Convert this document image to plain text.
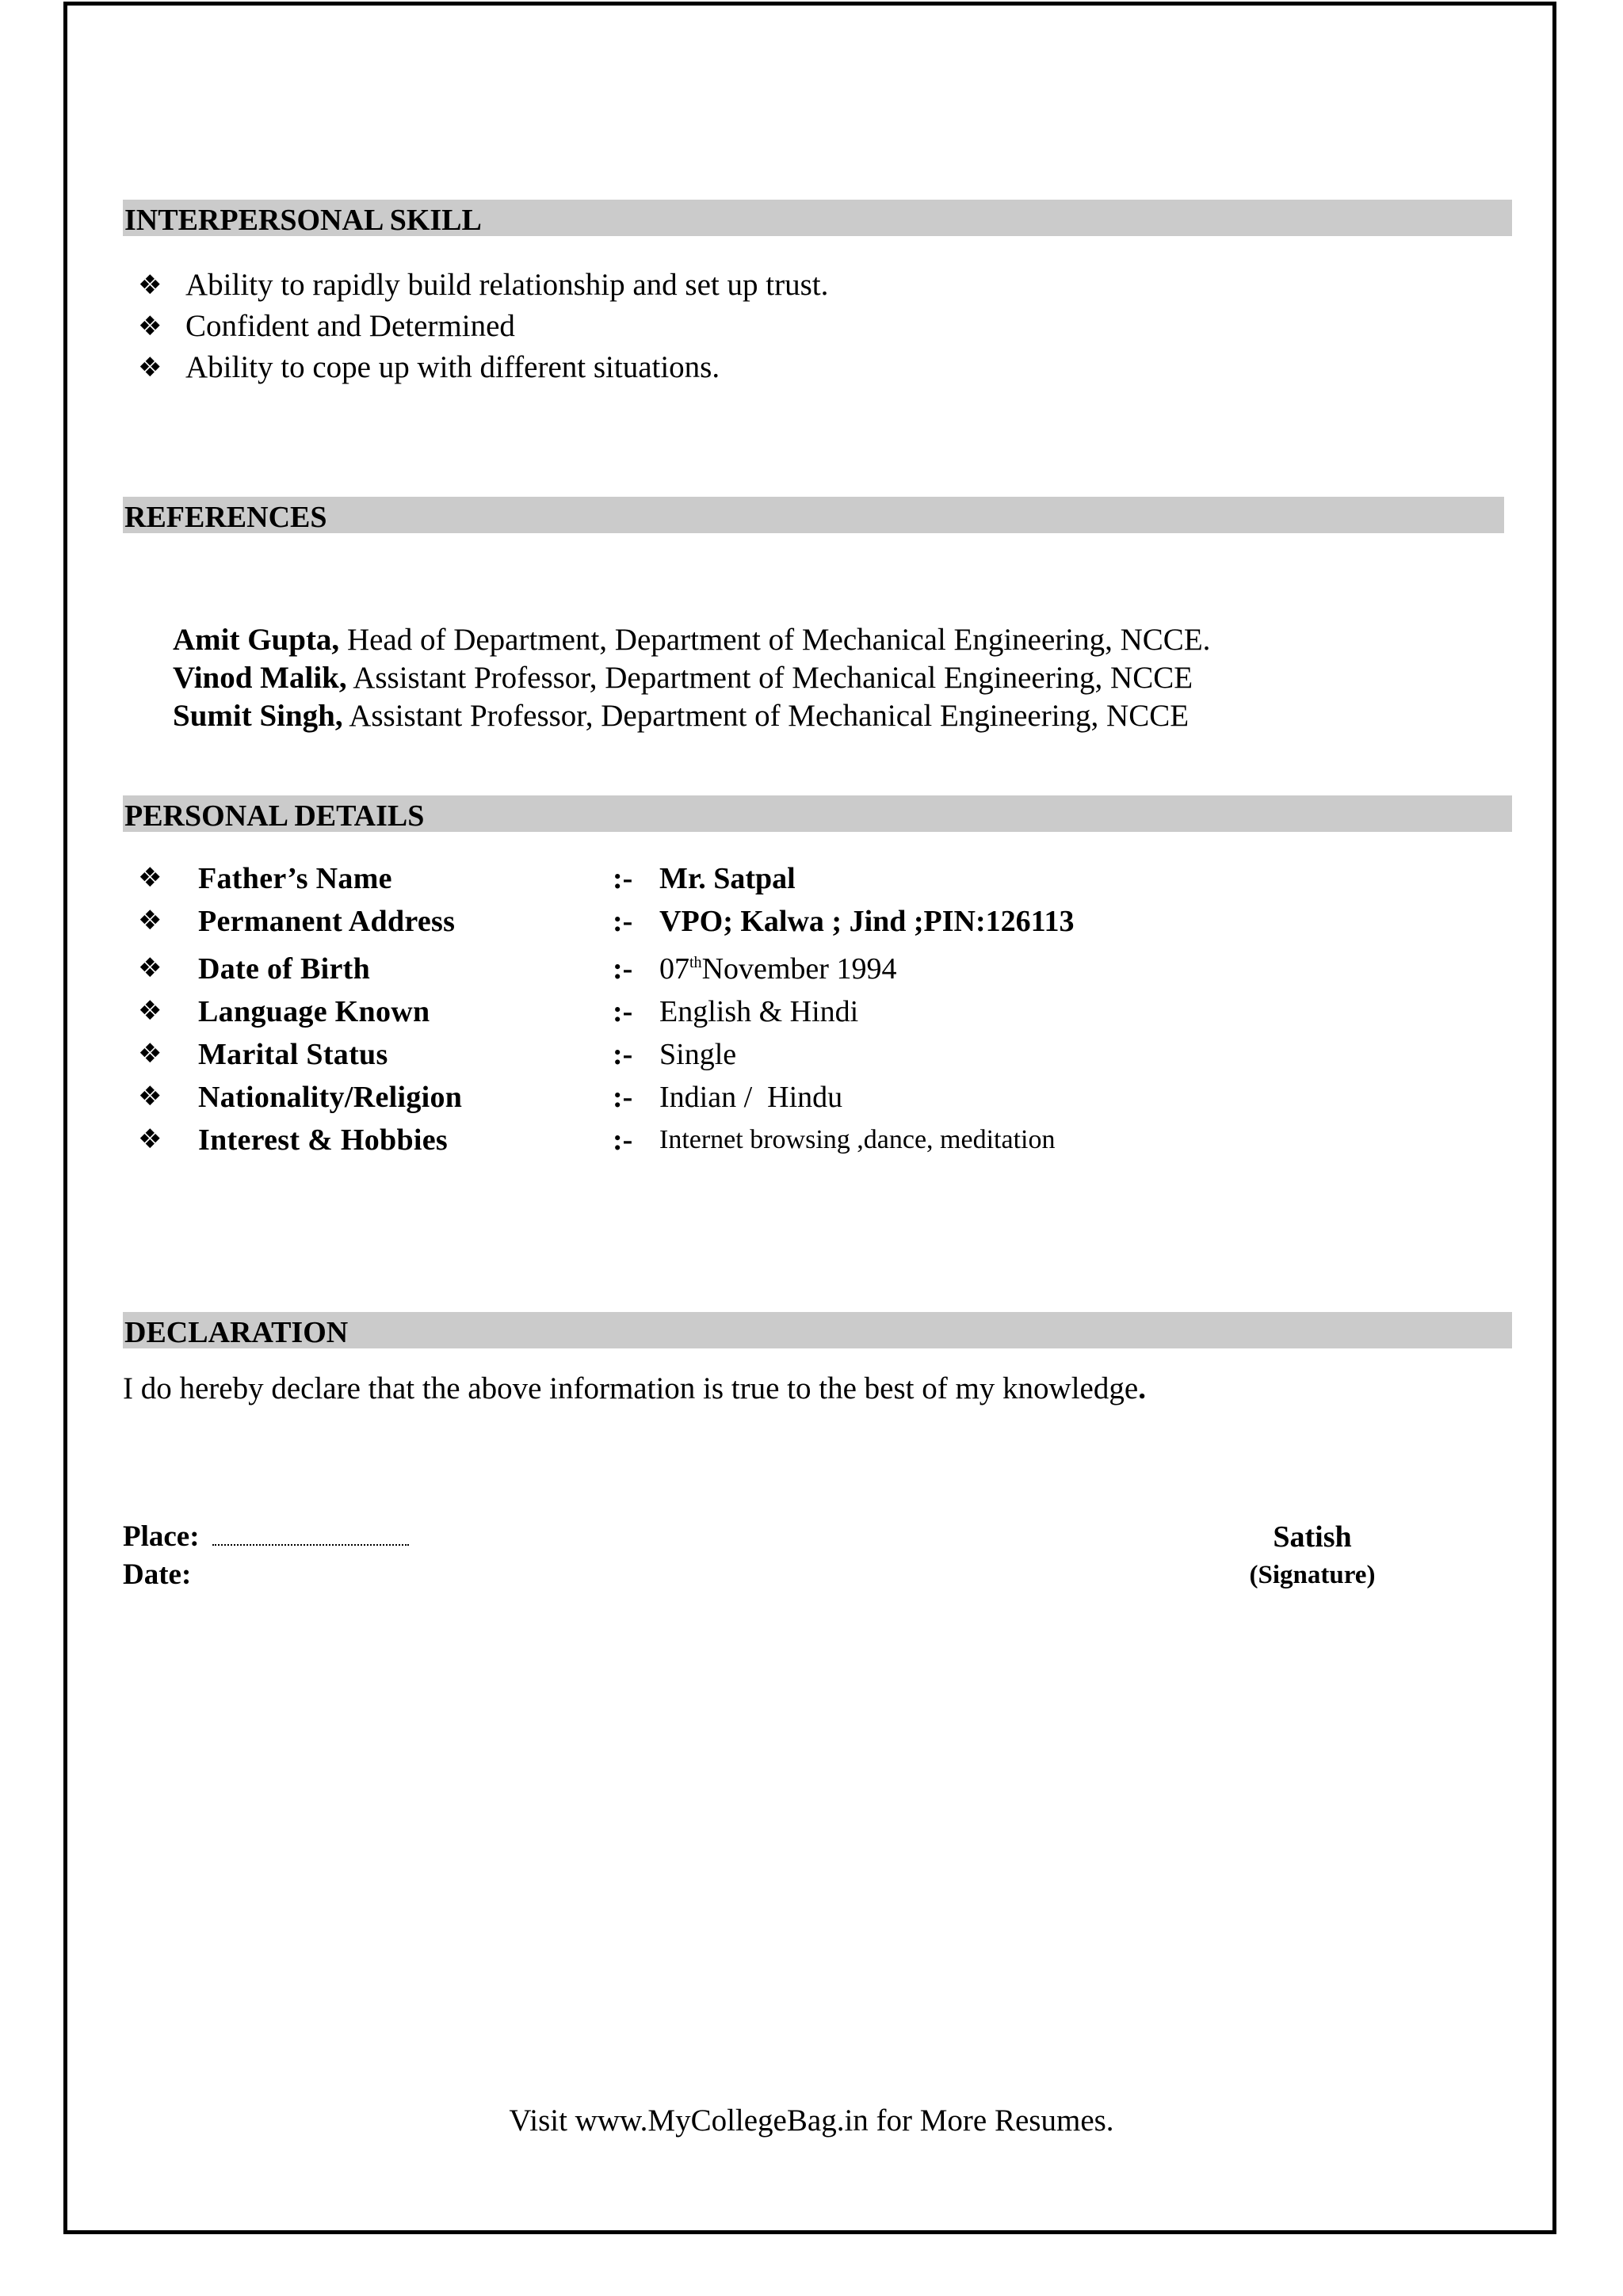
INTERPERSONAL SKILL
❖ Ability to rapidly build relationship and set up trust.
❖ Confident and Determined
❖ Ability to cope up with different situations.
REFERENCES
Amit Gupta, Head of Department, Department of Mechanical Engineering, NCCE.
Vinod Malik, Assistant Professor, Department of Mechanical Engineering, NCCE
Sumit Singh, Assistant Professor, Department of Mechanical Engineering, NCCE
PERSONAL DETAILS
❖ Father’s Name	:- Mr. Satpal
❖ Permanent Address	:- VPO; Kalwa ; Jind ;PIN:126113
❖ Date of Birth	:- 07thNovember 1994
❖ Language Known	:- English & Hindi
❖ Marital Status	:- Single
❖ Nationality/Religion	:- Indian /  Hindu
❖ Interest & Hobbies	:- Internet browsing ,dance, meditation
DECLARATION
I do hereby declare that the above information is true to the best of my knowledge.
Place:
Date:
Satish
(Signature)
Visit www.MyCollegeBag.in for More Resumes.
